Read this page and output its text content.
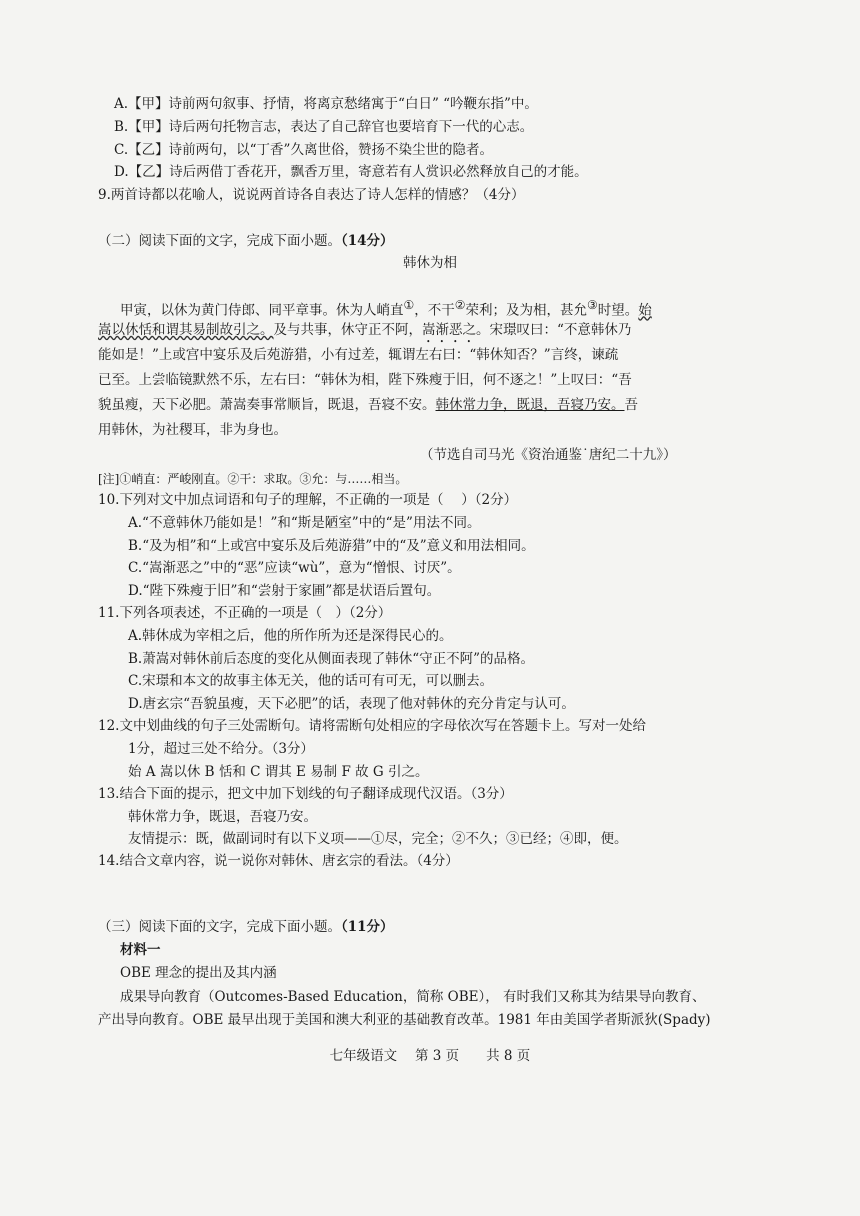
A.【甲】诗前两句叙事、抒情，将离京愁绪寓于“白日” “吟鞭东指”中。
B.【甲】诗后两句托物言志，表达了自己辞官也要培育下一代的心志。
C.【乙】诗前两句，以“丁香”久离世俗，赞扬不染尘世的隐者。
D.【乙】诗后两借丁香花开，飘香万里，寄意若有人赏识必然释放自己的才能。
9.两首诗都以花喻人，说说两首诗各自表达了诗人怎样的情感？（4分）
（二）阅读下面的文字，完成下面小题。（14分）
韩休为相
甲寅，以休为黄门侍郎、同平章事。休为人峭直①，不干②荣利；及为相，甚允③时望。始
嵩以休恬和谓其易制故引之。及与共事，休守正不阿，嵩渐恶之。宋璟叹曰：“不意韩休乃
能如是！”上或宫中宴乐及后苑游猎，小有过差，辄谓左右曰：“韩休知否？”言终，谏疏
已至。上尝临镜默然不乐，左右曰：“韩休为相，陛下殊瘦于旧，何不逐之！”上叹曰：“吾
貌虽瘦，天下必肥。萧嵩奏事常顺旨，既退，吾寝不安。韩休常力争，既退，吾寝乃安。吾
用韩休，为社稷耳，非为身也。
（节选自司马光《资治通鉴˙唐纪二十九》）
[注]①峭直：严峻刚直。②干：求取。③允：与……相当。
10.下列对文中加点词语和句子的理解，不正确的一项是（　 ）（2分）
A.“不意韩休乃能如是！”和“斯是陋室”中的“是”用法不同。
B.“及为相”和“上或宫中宴乐及后苑游猎”中的“及”意义和用法相同。
C.“嵩渐恶之”中的“恶”应读“wù”，意为“憎恨、讨厌”。
D.“陛下殊瘦于旧”和“尝射于家圃”都是状语后置句。
11.下列各项表述，不正确的一项是（　）（2分）
A.韩休成为宰相之后，他的所作所为还是深得民心的。
B.萧嵩对韩休前后态度的变化从侧面表现了韩休“守正不阿”的品格。
C.宋璟和本文的故事主体无关，他的话可有可无，可以删去。
D.唐玄宗“吾貌虽瘦，天下必肥”的话，表现了他对韩休的充分肯定与认可。
12.文中划曲线的句子三处需断句。请将需断句处相应的字母依次写在答题卡上。写对一处给
1分，超过三处不给分。（3分）
始 A 嵩以休 B 恬和 C 谓其 E 易制 F 故 G 引之。
13.结合下面的提示，把文中加下划线的句子翻译成现代汉语。（3分）
韩休常力争，既退，吾寝乃安。
友情提示：既，做副词时有以下义项——①尽，完全；②不久；③已经；④即，便。
14.结合文章内容，说一说你对韩休、唐玄宗的看法。（4分）
（三）阅读下面的文字，完成下面小题。（11分）
材料一
OBE 理念的提出及其内涵
成果导向教育（Outcomes-Based Education，简称 OBE）， 有时我们又称其为结果导向教育、
产出导向教育。OBE 最早出现于美国和澳大利亚的基础教育改革。1981 年由美国学者斯派狄(Spady)
七年级语文　 第 3 页　　共 8 页
